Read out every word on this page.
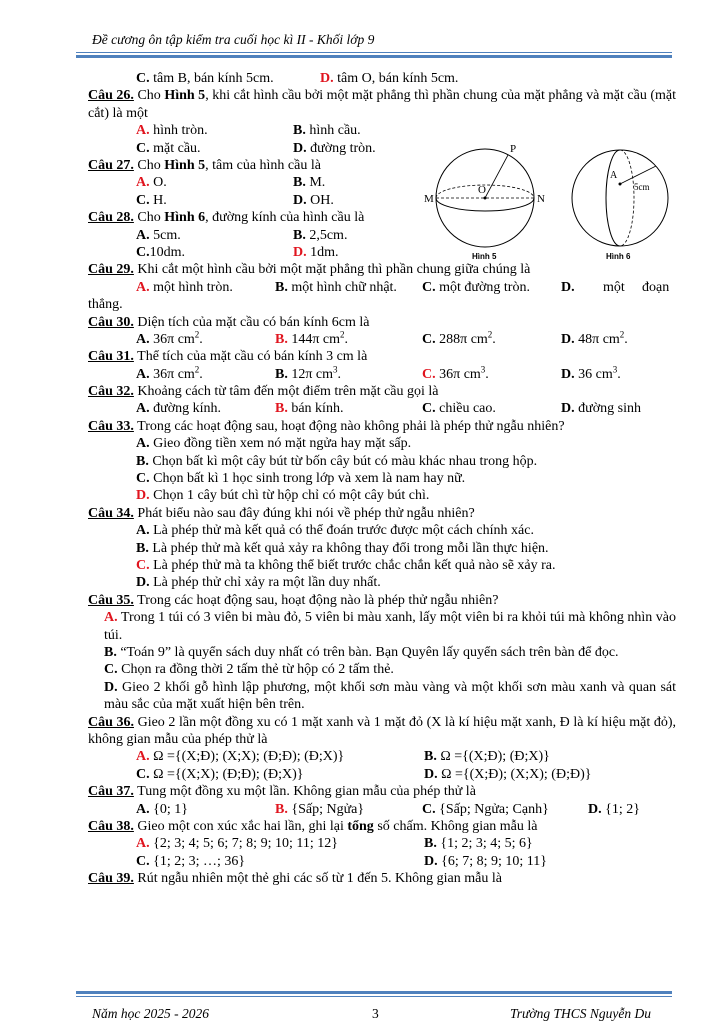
Đề cương ôn tập kiểm tra cuối học kì II - Khối lớp 9
C. tâm B, bán kính 5cm.	D. tâm O, bán kính 5cm.
Câu 26. Cho Hình 5, khi cắt hình cầu bởi một mặt phẳng thì phần chung của mặt phẳng và mặt cầu (mặt cắt) là một
A. hình tròn.	B. hình cầu.
C. mặt cầu.	D. đường tròn.
Câu 27. Cho Hình 5, tâm của hình cầu là
A. O.	B. M.
C. H.	D. OH.
Câu 28. Cho Hình 6, đường kính của hình cầu là
A. 5cm.	B. 2,5cm.
C.10dm.	D. 1dm.
Câu 29. Khi cắt một hình cầu bởi một mặt phẳng thì phần chung giữa chúng là
A. một hình tròn.	B. một hình chữ nhật. C. một đường tròn. D. một đoạn
thẳng.
Câu 30. Diện tích của mặt cầu có bán kính 6cm là
A. 36π $cm^2$.	B. 144π $cm^2$.	C. 288π $cm^2$.	D. 48π $cm^2$.
Câu 31. Thể tích của mặt cầu có bán kính 3 cm là
A. 36π $cm^2$.	B. 12π $cm^3$.	C. 36π $cm^3$.	D. 36 $cm^3$.
Câu 32. Khoảng cách từ tâm đến một điểm trên mặt cầu gọi là
A. đường kính.	B. bán kính.	C. chiều cao.	D. đường sinh
Câu 33. Trong các hoạt động sau, hoạt động nào không phải là phép thử ngẫu nhiên?
A. Gieo đồng tiền xem nó mặt ngửa hay mặt sấp.
B. Chọn bất kì một cây bút từ bốn cây bút có màu khác nhau trong hộp.
C. Chọn bất kì 1 học sinh trong lớp và xem là nam hay nữ.
D. Chọn 1 cây bút chì từ hộp chỉ có một cây bút chì.
Câu 34. Phát biểu nào sau đây đúng khi nói về phép thử ngẫu nhiên?
A. Là phép thử mà kết quả có thể đoán trước được một cách chính xác.
B. Là phép thử mà kết quả xảy ra không thay đổi trong mỗi lần thực hiện.
C. Là phép thử mà ta không thể biết trước chắc chắn kết quả nào sẽ xảy ra.
D. Là phép thử chỉ xảy ra một lần duy nhất.
Câu 35. Trong các hoạt động sau, hoạt động nào là phép thử ngẫu nhiên?
A. Trong 1 túi có 3 viên bi màu đỏ, 5 viên bi màu xanh, lấy một viên bi ra khỏi túi mà không nhìn vào túi.
B. “Toán 9” là quyển sách duy nhất có trên bàn. Bạn Quyên lấy quyển sách trên bàn để đọc.
C. Chọn ra đồng thời 2 tấm thẻ từ hộp có 2 tấm thẻ.
D. Gieo 2 khối gỗ hình lập phương, một khối sơn màu vàng và một khối sơn màu xanh và quan sát màu sắc của mặt xuất hiện bên trên.
Câu 36. Gieo 2 lần một đồng xu có 1 mặt xanh và 1 mặt đỏ (X là kí hiệu mặt xanh, Đ là kí hiệu mặt đỏ), không gian mẫu của phép thử là
A. Ω ={(X;Đ); (X;X); (Đ;Đ); (Đ;X)}	B. Ω ={(X;Đ); (Đ;X)}
C. Ω ={(X;X); (Đ;Đ); (Đ;X)}	D. Ω ={(X;Đ); (X;X); (Đ;Đ)}
Câu 37. Tung một đồng xu một lần. Không gian mẫu của phép thử là
A. {0; 1}	B. {Sấp; Ngửa}	C. {Sấp; Ngửa; Cạnh}	D. {1; 2}
Câu 38. Gieo một con xúc xắc hai lần, ghi lại tổng số chấm. Không gian mẫu là
A. {2; 3; 4; 5; 6; 7; 8; 9; 10; 11; 12}	B. {1; 2; 3; 4; 5; 6}
C. {1; 2; 3; …; 36}	D. {6; 7; 8; 9; 10; 11}
Câu 39. Rút ngẫu nhiên một thẻ ghi các số từ 1 đến 5. Không gian mẫu là
P
O
M	N
Hình 5
A
5cm
Hình 6
Năm học 2025 - 2026	3	Trường THCS Nguyễn Du
